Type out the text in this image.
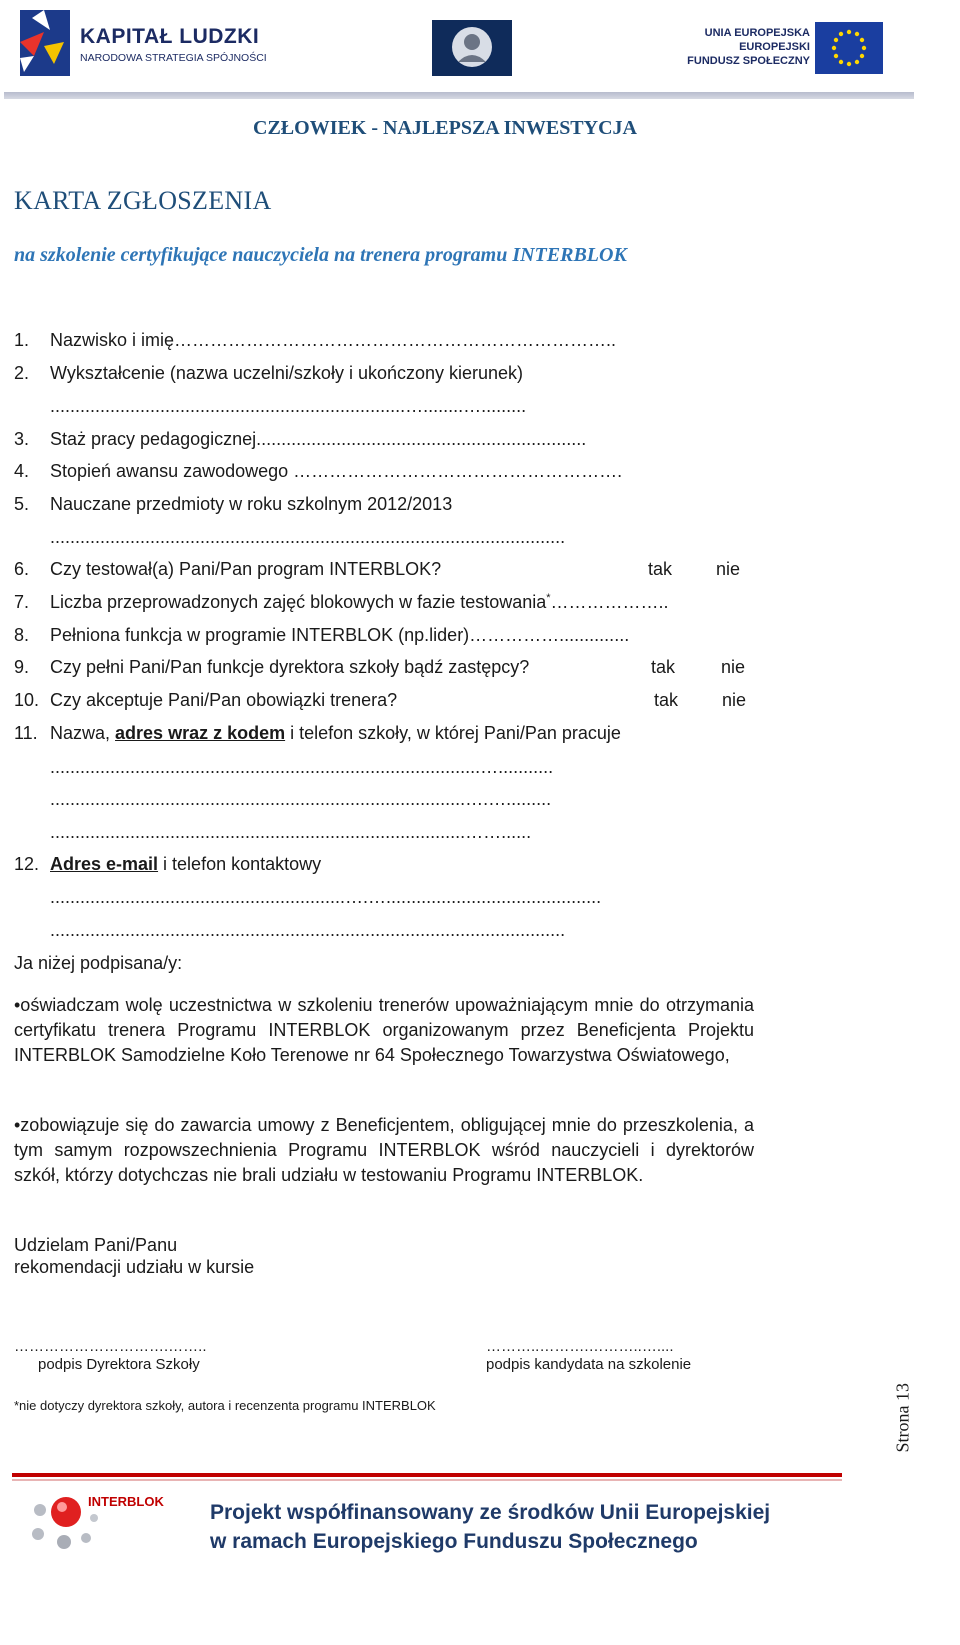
KAPITAŁ LUDZKI
NARODOWA STRATEGIA SPÓJNOŚCI
UNIA EUROPEJSKA
EUROPEJSKI
FUNDUSZ SPOŁECZNY
CZŁOWIEK - NAJLEPSZA INWESTYCJA
KARTA ZGŁOSZENIA
na szkolenie certyfikujące nauczyciela na trenera programu INTERBLOK
1. Nazwisko i imię………………………………………………………………..
2. Wykształcenie (nazwa uczelni/szkoły i ukończony kierunek)
.......................................................................…........….........
3. Staż pracy pedagogicznej..................................................................
4. Stopień awansu zawodowego ……………………………………………….
5. Nauczane przedmioty w roku szkolnym 2012/2013
.......................................................................................................
6. Czy testował(a) Pani/Pan program INTERBLOK?	tak nie
7. Liczba przeprowadzonych zajęć blokowych w fazie testowania*………………..
8. Pełniona funkcja w programie INTERBLOK (np.lider)……………..............
9. Czy pełni Pani/Pan funkcje dyrektora szkoły bądź zastępcy?	tak	nie
10. Czy akceptuje Pani/Pan obowiązki trenera?	tak nie
11. Nazwa, adres wraz z kodem i telefon szkoły, w której Pani/Pan pracuje
......................................................................................…...........
...................................................................................….….........
...................................................................................……......
12. Adres e-mail i telefon kontaktowy
...........................................................….…...........................................
.......................................................................................................
Ja niżej podpisana/y:
•oświadczam wolę uczestnictwa w szkoleniu trenerów upoważniającym mnie do otrzymania certyfikatu trenera Programu INTERBLOK organizowanym przez Beneficjenta Projektu INTERBLOK Samodzielne Koło Terenowe nr 64 Społecznego Towarzystwa Oświatowego,
•zobowiązuje się do zawarcia umowy z Beneficjentem, obligującej mnie do przeszkolenia, a tym samym rozpowszechnienia Programu INTERBLOK wśród nauczycieli i dyrektorów szkół, którzy dotychczas nie brali udziału w testowaniu Programu INTERBLOK.
Udzielam Pani/Panu
rekomendacji udziału w kursie
………………………….……..
podpis Dyrektora Szkoły
………..……….………..…....
podpis kandydata na szkolenie
*nie dotyczy dyrektora szkoły, autora i recenzenta programu INTERBLOK	Strona 13
INTERBLOK Projekt współfinansowany ze środków Unii Europejskiej
w ramach Europejskiego Funduszu Społecznego
